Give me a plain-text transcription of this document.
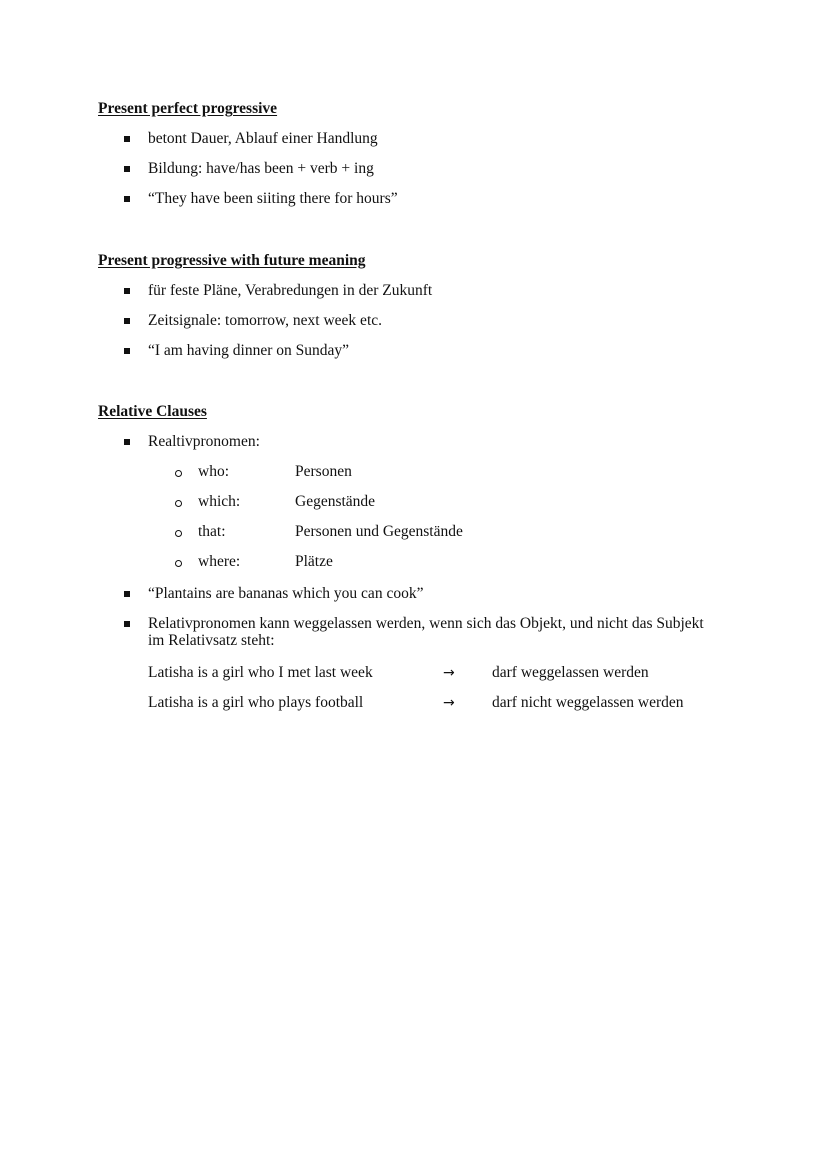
Present perfect progressive
betont Dauer, Ablauf einer Handlung
Bildung: have/has been + verb + ing
“They have been siiting there for hours”
Present progressive with future meaning
für feste Pläne, Verabredungen in der Zukunft
Zeitsignale: tomorrow, next week etc.
“I am having dinner on Sunday”
Relative Clauses
Realtivpronomen:
who:	Personen
which:	Gegenstände
that:	Personen und Gegenstände
where:	Plätze
“Plantains are bananas which you can cook”
Relativpronomen kann weggelassen werden, wenn sich das Objekt, und nicht das Subjekt im Relativsatz steht:
Latisha is a girl who I met last week	→ darf weggelassen werden
Latisha is a girl who plays football	→ darf nicht weggelassen werden
